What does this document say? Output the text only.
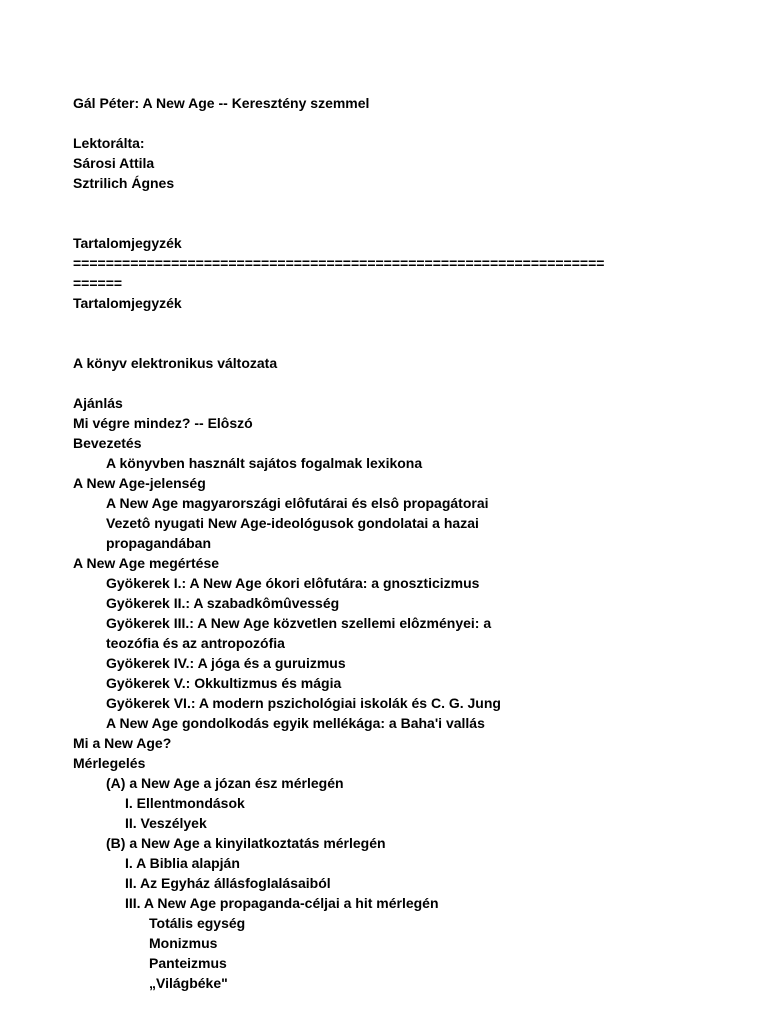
Gál Péter: A New Age -- Keresztény szemmel
Lektorálta:
Sárosi Attila
Sztrilich Ágnes
Tartalomjegyzék
=================================================================
======
Tartalomjegyzék
A könyv elektronikus változata
Ajánlás
Mi végre mindez? -- Elôszó
Bevezetés
A könyvben használt sajátos fogalmak lexikona
A New Age-jelenség
A New Age magyarországi elôfutárai és elsô propagátorai
Vezetô nyugati New Age-ideológusok gondolatai a hazai
propagandában
A New Age megértése
Gyökerek I.: A New Age ókori elôfutára: a gnoszticizmus
Gyökerek II.: A szabadkômûvesség
Gyökerek III.: A New Age közvetlen szellemi elôzményei: a
teozófia és az antropozófia
Gyökerek IV.: A jóga és a guruizmus
Gyökerek V.: Okkultizmus és mágia
Gyökerek VI.: A modern pszichológiai iskolák és C. G. Jung
A New Age gondolkodás egyik mellékága: a Baha'i vallás
Mi a New Age?
Mérlegelés
(A) a New Age a józan ész mérlegén
I. Ellentmondások
II. Veszélyek
(B) a New Age a kinyilatkoztatás mérlegén
I. A Biblia alapján
II. Az Egyház állásfoglalásaiból
III. A New Age propaganda-céljai a hit mérlegén
Totális egység
Monizmus
Panteizmus
„Világbéke"
